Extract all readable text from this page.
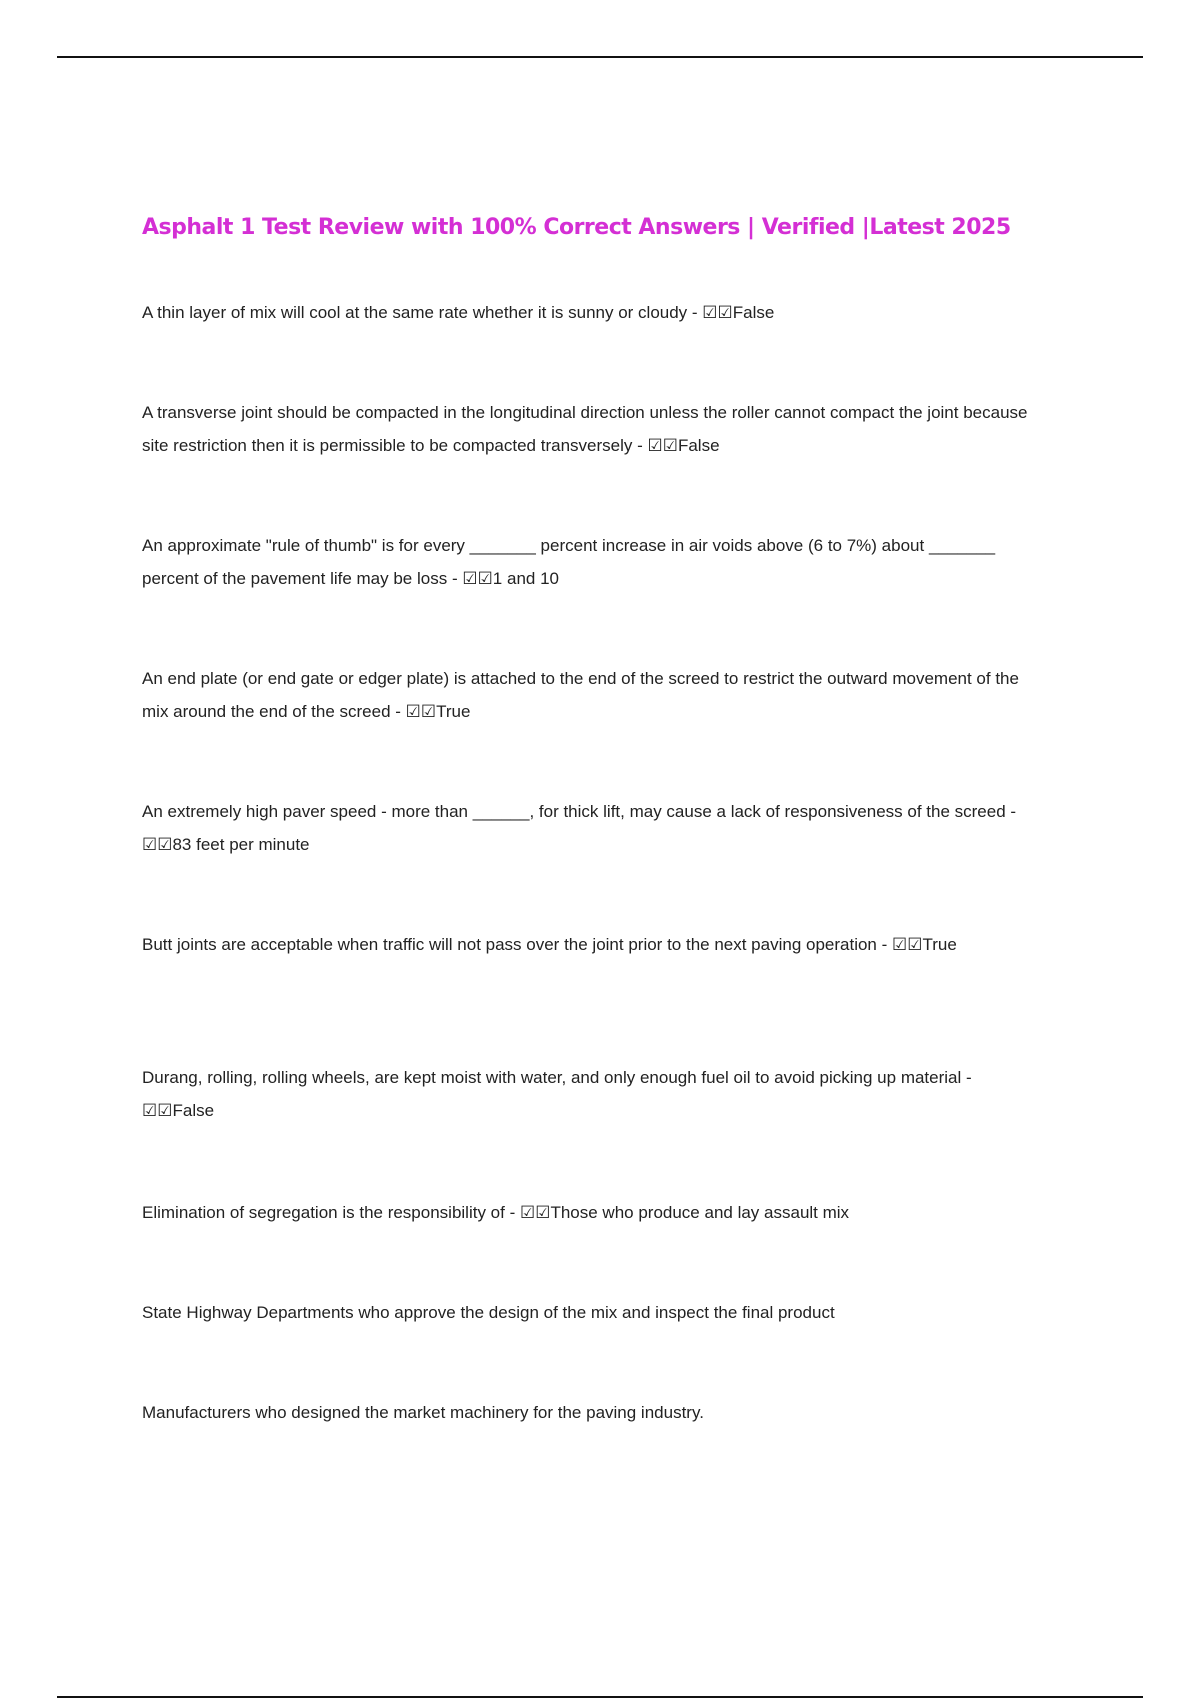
Asphalt 1 Test Review with 100% Correct Answers | Verified |Latest 2025
A thin layer of mix will cool at the same rate whether it is sunny or cloudy - ☑☑False
A transverse joint should be compacted in the longitudinal direction unless the roller cannot compact the joint because site restriction then it is permissible to be compacted transversely - ☑☑False
An approximate "rule of thumb" is for every _______ percent increase in air voids above (6 to 7%) about _______ percent of the pavement life may be loss - ☑☑1 and 10
An end plate (or end gate or edger plate) is attached to the end of the screed to restrict the outward movement of the mix around the end of the screed - ☑☑True
An extremely high paver speed - more than ______, for thick lift, may cause a lack of responsiveness of the screed - ☑☑83 feet per minute
Butt joints are acceptable when traffic will not pass over the joint prior to the next paving operation - ☑☑True
Durang, rolling, rolling wheels, are kept moist with water, and only enough fuel oil to avoid picking up material - ☑☑False
Elimination of segregation is the responsibility of - ☑☑Those who produce and lay assault mix
State Highway Departments who approve the design of the mix and inspect the final product
Manufacturers who designed the market machinery for the paving industry.
